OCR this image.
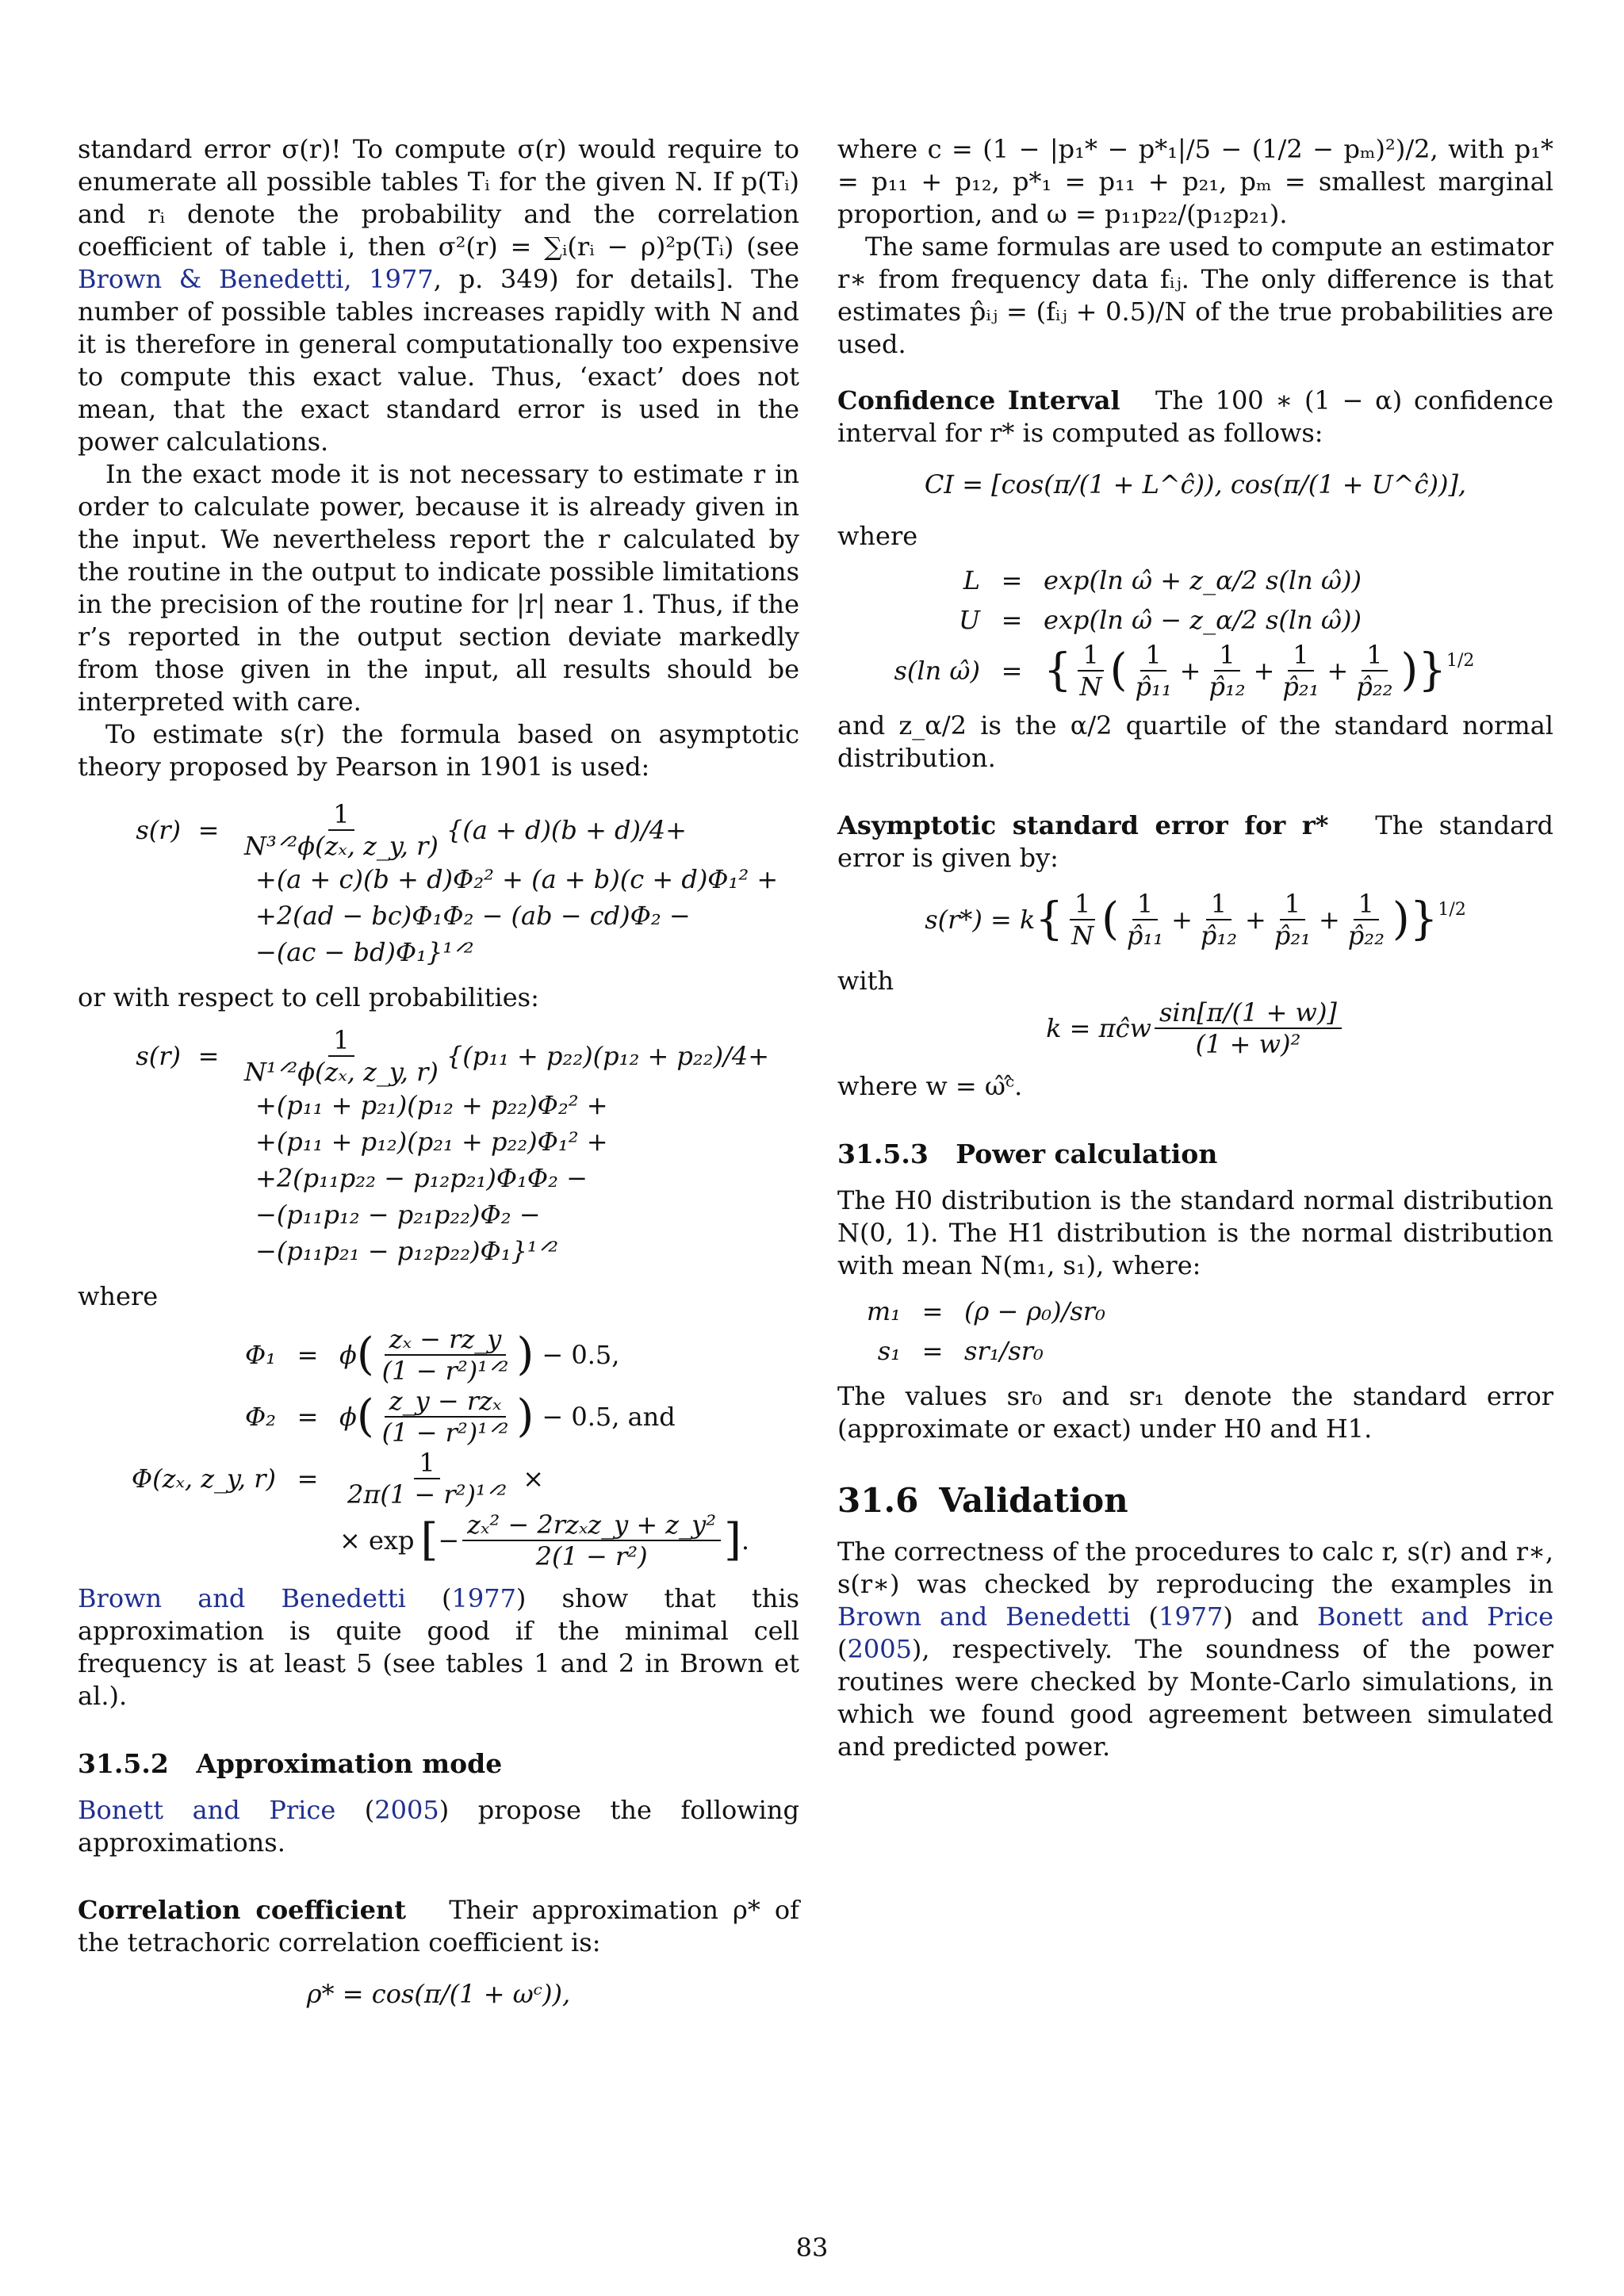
standard error σ(r)! To compute σ(r) would require to enumerate all possible tables Tᵢ for the given N. If p(Tᵢ) and rᵢ denote the probability and the correlation coefficient of table i, then σ²(r) = ∑ᵢ(rᵢ − ρ)²p(Tᵢ) (see Brown & Benedetti, 1977, p. 349) for details]. The number of possible tables increases rapidly with N and it is therefore in general computationally too expensive to compute this exact value. Thus, ‘exact’ does not mean, that the exact standard error is used in the power calculations.

In the exact mode it is not necessary to estimate r in order to calculate power, because it is already given in the input. We nevertheless report the r calculated by the routine in the output to indicate possible limitations in the precision of the routine for |r| near 1. Thus, if the r’s reported in the output section deviate markedly from those given in the input, all results should be interpreted with care.

To estimate s(r) the formula based on asymptotic theory proposed by Pearson in 1901 is used:

$s(r) = \frac{1}{\text{N³ᐟ²ϕ(zₓ, z\_y, r)}} \{(a + d)(b + d)/4+$
+(a + c)(b + d)Φ₂² + (a + b)(c + d)Φ₁² +
+2(ad − bc)Φ₁Φ₂ − (ab − cd)Φ₂ −
−(ac − bd)Φ₁}¹ᐟ²

or with respect to cell probabilities:

$s(r) = \frac{1}{\text{N¹ᐟ²ϕ(zₓ, z\_y, r)}} \{(p_{11} + p_{22})(p_{12} + p_{22})/4+$
+(p₁₁ + p₂₁)(p₁₂ + p₂₂)Φ₂² +
+(p₁₁ + p₁₂)(p₂₁ + p₂₂)Φ₁² +
+2(p₁₁p₂₂ − p₁₂p₂₁)Φ₁Φ₂ −
−(p₁₁p₁₂ − p₂₁p₂₂)Φ₂ −
−(p₁₁p₂₁ − p₁₂p₂₂)Φ₁}¹ᐟ²

where

Φ₁ = ϕ ( $\frac{\text{zₓ − rz\_y}}{\text{(1 − r²)¹ᐟ²}}$ ) − 0.5,
Φ₂ = ϕ ( $\frac{\text{z\_y − rzₓ}}{\text{(1 − r²)¹ᐟ²}}$ ) − 0.5, and
Φ(zₓ, z_y, $r) = \frac{1}{\text{2π(1 − r²)¹ᐟ²}}$ ×
× exp [ − $\frac{\text{zₓ² − 2rzₓz\_y + z\_y²}}{\text{2(1 − r²)}}$ ] .

Brown and Benedetti (1977) show that this approximation is quite good if the minimal cell frequency is at least 5 (see tables 1 and 2 in Brown et al.).

31.5.2 Approximation mode

Bonett and Price (2005) propose the following approximations.

Correlation coefficient Their approximation ρ* of the tetrachoric correlation coefficient is:

ρ* = cos(π/(1 + ωᶜ)),

where c = (1 − |p₁* − p*₁|/5 − (1/2 − pₘ)²)/2, with p₁* = p₁₁ + p₁₂, p*₁ = p₁₁ + p₂₁, pₘ = smallest marginal proportion, and ω = p₁₁p₂₂/(p₁₂p₂₁).

The same formulas are used to compute an estimator r∗ from frequency data fᵢⱼ. The only difference is that estimates p̂ᵢⱼ = (fᵢⱼ + 0.5)/N of the true probabilities are used.

Confidence Interval The 100 ∗ (1 − α) confidence interval for r* is computed as follows:

CI = [cos(π/(1 + L^ĉ)), cos(π/(1 + U^ĉ))],

where

L = exp(ln ω̂ + z_α/2 s(ln ω̂))
U = exp(ln ω̂ − z_α/2 s(ln ω̂))
s(ln ω̂) = { $\frac{1}{N}$ ( $\frac{1}{\text{p̂₁₁}} + \frac{1}{\text{p̂₁₂}} + \frac{1}{\text{p̂₂₁}} + \frac{1}{\text{p̂₂₂}} )\}^{1/2}$

and z_α/2 is the α/2 quartile of the standard normal distribution.

Asymptotic standard error for r* The standard error is given by:

s(r*) = k { $\frac{1}{N}$ ( $\frac{1}{\text{p̂₁₁}} + \frac{1}{\text{p̂₁₂}} + \frac{1}{\text{p̂₂₁}} + \frac{1}{\text{p̂₂₂}} )\}^{1/2}$

with

k = πĉw $\frac{\sin[\pi/(1 + w)]}{\text{(1 + w)²}}$

where w = ω̂ᶜ̂.

31.5.3 Power calculation

The H0 distribution is the standard normal distribution N(0, 1). The H1 distribution is the normal distribution with mean N(m₁, s₁), where:

m₁ = (ρ − ρ₀)/sr₀
s₁ = sr₁/sr₀

The values sr₀ and sr₁ denote the standard error (approximate or exact) under H0 and H1.

31.6 Validation

The correctness of the procedures to calc r, s(r) and r∗, s(r∗) was checked by reproducing the examples in Brown and Benedetti (1977) and Bonett and Price (2005), respectively. The soundness of the power routines were checked by Monte-Carlo simulations, in which we found good agreement between simulated and predicted power.

83
